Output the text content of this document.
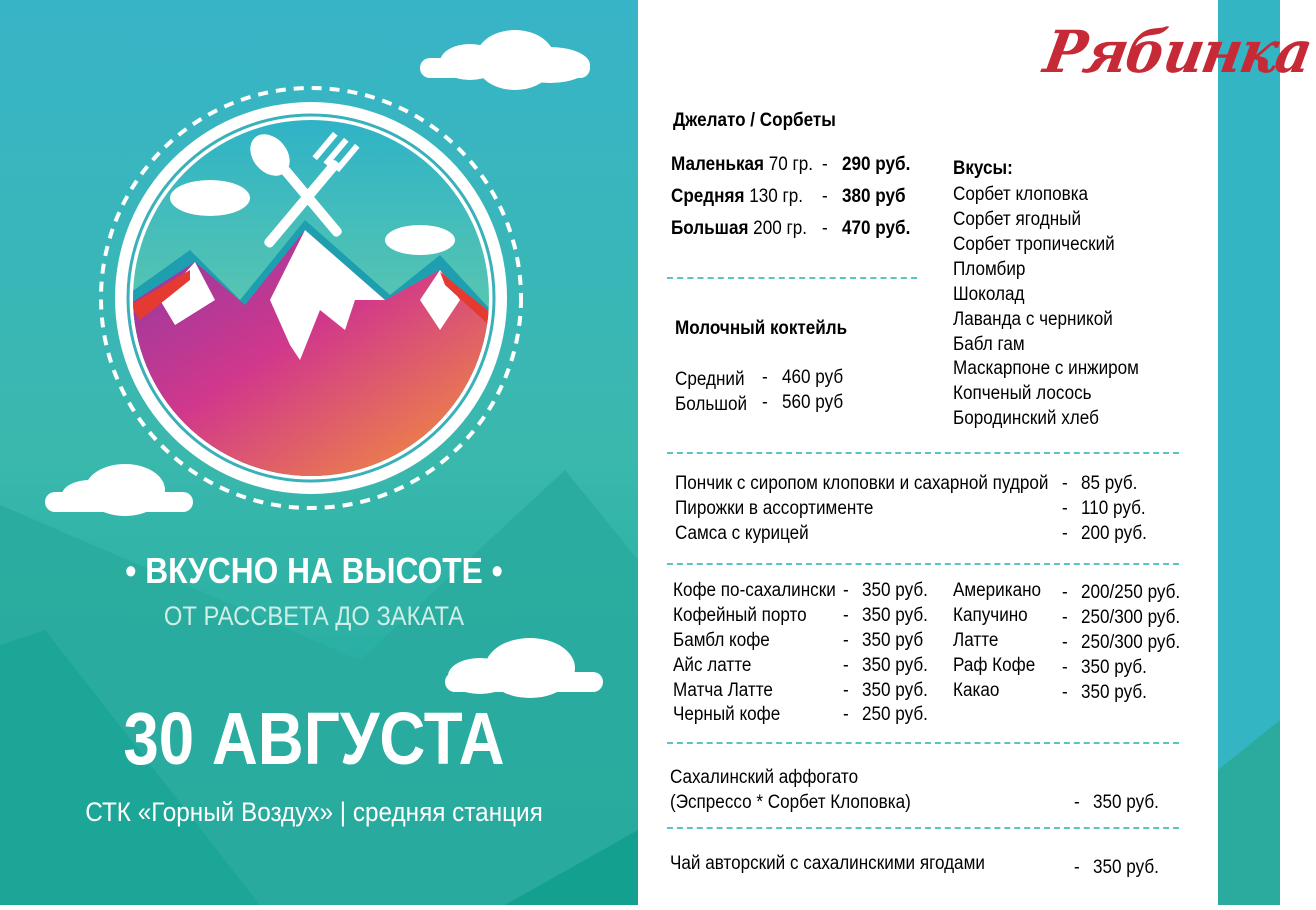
• ВКУСНО НА ВЫСОТЕ •
ОТ РАССВЕТА ДО ЗАКАТА
30 АВГУСТА
СТК «Горный Воздух» | средняя станция
Рябинка
Джелато / Сорбеты
Маленькая 70 гр. - 290 руб.
Средняя 130 гр. - 380 руб
Большая 200 гр. - 470 руб.
Вкусы:
Сорбет клоповка
Сорбет ягодный
Сорбет тропический
Пломбир
Шоколад
Лаванда с черникой
Бабл гам
Маскарпоне с инжиром
Копченый лосось
Бородинский хлеб
Молочный коктейль
Средний - 460 руб
Большой - 560 руб
Пончик с сиропом клоповки и сахарной пудрой - 85 руб.
Пирожки в ассортименте	- 110 руб.
Самса с курицей	- 200 руб.
Кофе по-сахалински - 350 руб.
Кофейный порто - 350 руб.
Бамбл кофе	- 350 руб
Айс латте	- 350 руб.
Матча Латте	- 350 руб.
Черный кофе	- 250 руб.
Американо - 200/250 руб.
Капучино - 250/300 руб.
Латте	- 250/300 руб.
Раф Кофе - 350 руб.
Какао	- 350 руб.
Сахалинский аффогато
(Эспрессо * Сорбет Клоповка)	- 350 руб.
Чай авторский с сахалинскими ягодами	- 350 руб.
